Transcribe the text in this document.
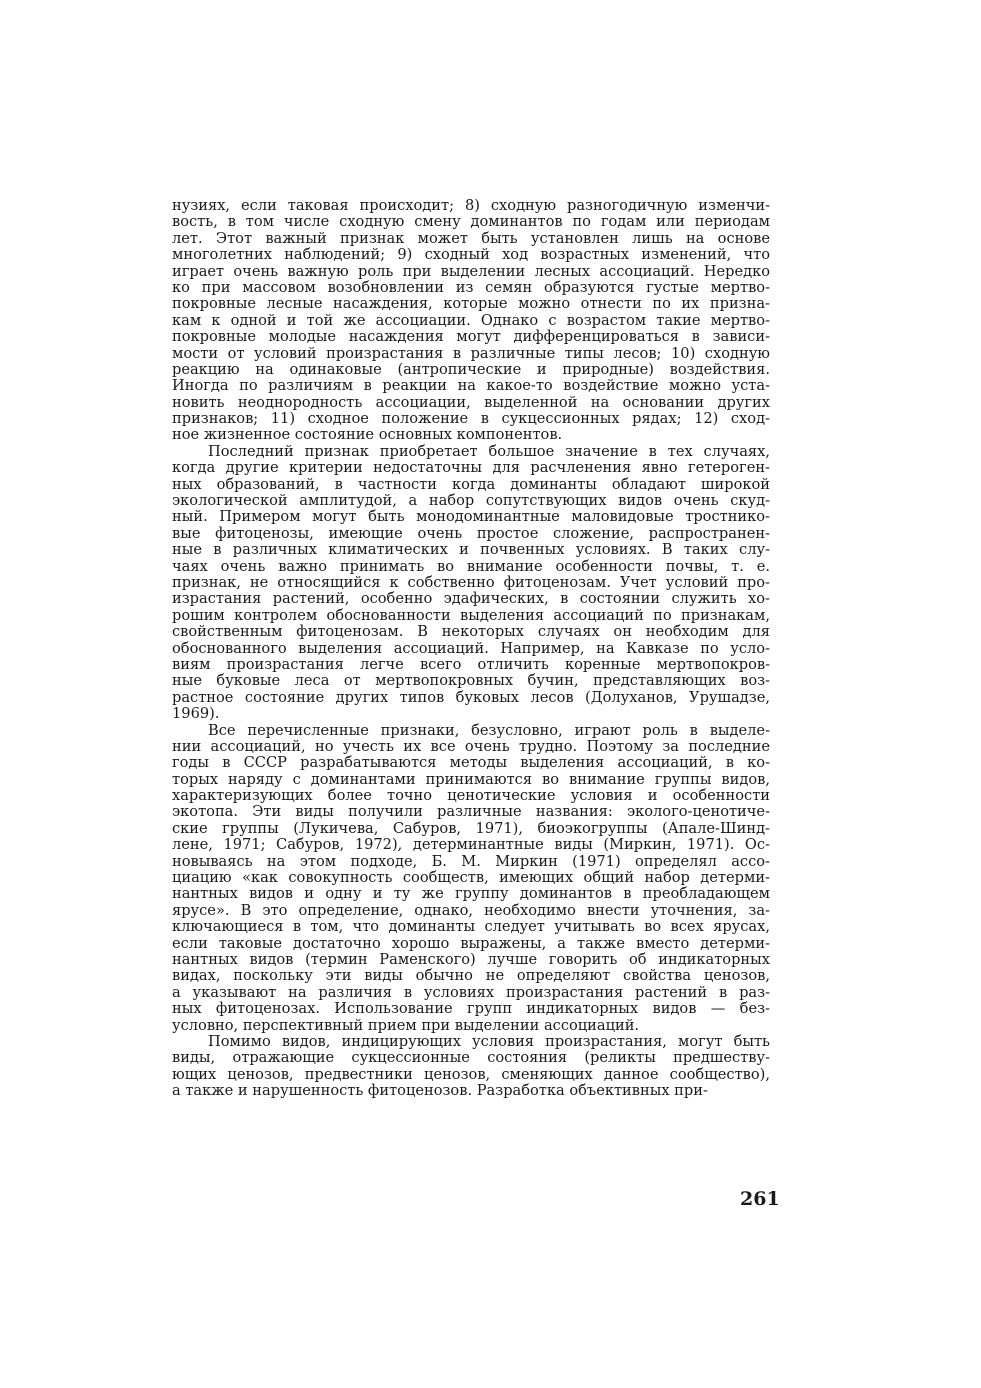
нузиях, если таковая происходит; 8) сходную разногодичную изменчи-
вость, в том числе сходную смену доминантов по годам или периодам
лет. Этот важный признак может быть установлен лишь на основе
многолетних наблюдений; 9) сходный ход возрастных изменений, что
играет очень важную роль при выделении лесных ассоциаций. Нередко
ко при массовом возобновлении из семян образуются густые мертво-
покровные лесные насаждения, которые можно отнести по их призна-
кам к одной и той же ассоциации. Однако с возрастом такие мертво-
покровные молодые насаждения могут дифференцироваться в зависи-
мости от условий произрастания в различные типы лесов; 10) сходную
реакцию на одинаковые (антропические и природные) воздействия.
Иногда по различиям в реакции на какое-то воздействие можно уста-
новить неоднородность ассоциации, выделенной на основании других
признаков; 11) сходное положение в сукцессионных рядах; 12) сход-
ное жизненное состояние основных компонентов.
Последний признак приобретает большое значение в тех случаях,
когда другие критерии недостаточны для расчленения явно гетероген-
ных образований, в частности когда доминанты обладают широкой
экологической амплитудой, а набор сопутствующих видов очень скуд-
ный. Примером могут быть монодоминантные маловидовые тростнико-
вые фитоценозы, имеющие очень простое сложение, распространен-
ные в различных климатических и почвенных условиях. В таких слу-
чаях очень важно принимать во внимание особенности почвы, т. е.
признак, не относящийся к собственно фитоценозам. Учет условий про-
израстания растений, особенно эдафических, в состоянии служить хо-
рошим контролем обоснованности выделения ассоциаций по признакам,
свойственным фитоценозам. В некоторых случаях он необходим для
обоснованного выделения ассоциаций. Например, на Кавказе по усло-
виям произрастания легче всего отличить коренные мертвопокров-
ные буковые леса от мертвопокровных бучин, представляющих воз-
растное состояние других типов буковых лесов (Долуханов, Урушадзе,
1969).
Все перечисленные признаки, безусловно, играют роль в выделе-
нии ассоциаций, но учесть их все очень трудно. Поэтому за последние
годы в СССР разрабатываются методы выделения ассоциаций, в ко-
торых наряду с доминантами принимаются во внимание группы видов,
характеризующих более точно ценотические условия и особенности
экотопа. Эти виды получили различные названия: эколого-ценотиче-
ские группы (Лукичева, Сабуров, 1971), биоэкогруппы (Апале-Шинд-
лене, 1971; Сабуров, 1972), детерминантные виды (Миркин, 1971). Ос-
новываясь на этом подходе, Б. М. Миркин (1971) определял ассо-
циацию «как совокупность сообществ, имеющих общий набор детерми-
нантных видов и одну и ту же группу доминантов в преобладающем
ярусе». В это определение, однако, необходимо внести уточнения, за-
ключающиеся в том, что доминанты следует учитывать во всех ярусах,
если таковые достаточно хорошо выражены, а также вместо детерми-
нантных видов (термин Раменского) лучше говорить об индикаторных
видах, поскольку эти виды обычно не определяют свойства ценозов,
а указывают на различия в условиях произрастания растений в раз-
ных фитоценозах. Использование групп индикаторных видов — без-
условно, перспективный прием при выделении ассоциаций.
Помимо видов, индицирующих условия произрастания, могут быть
виды, отражающие сукцессионные состояния (реликты предшеству-
ющих ценозов, предвестники ценозов, сменяющих данное сообщество),
а также и нарушенность фитоценозов. Разработка объективных при-
261
